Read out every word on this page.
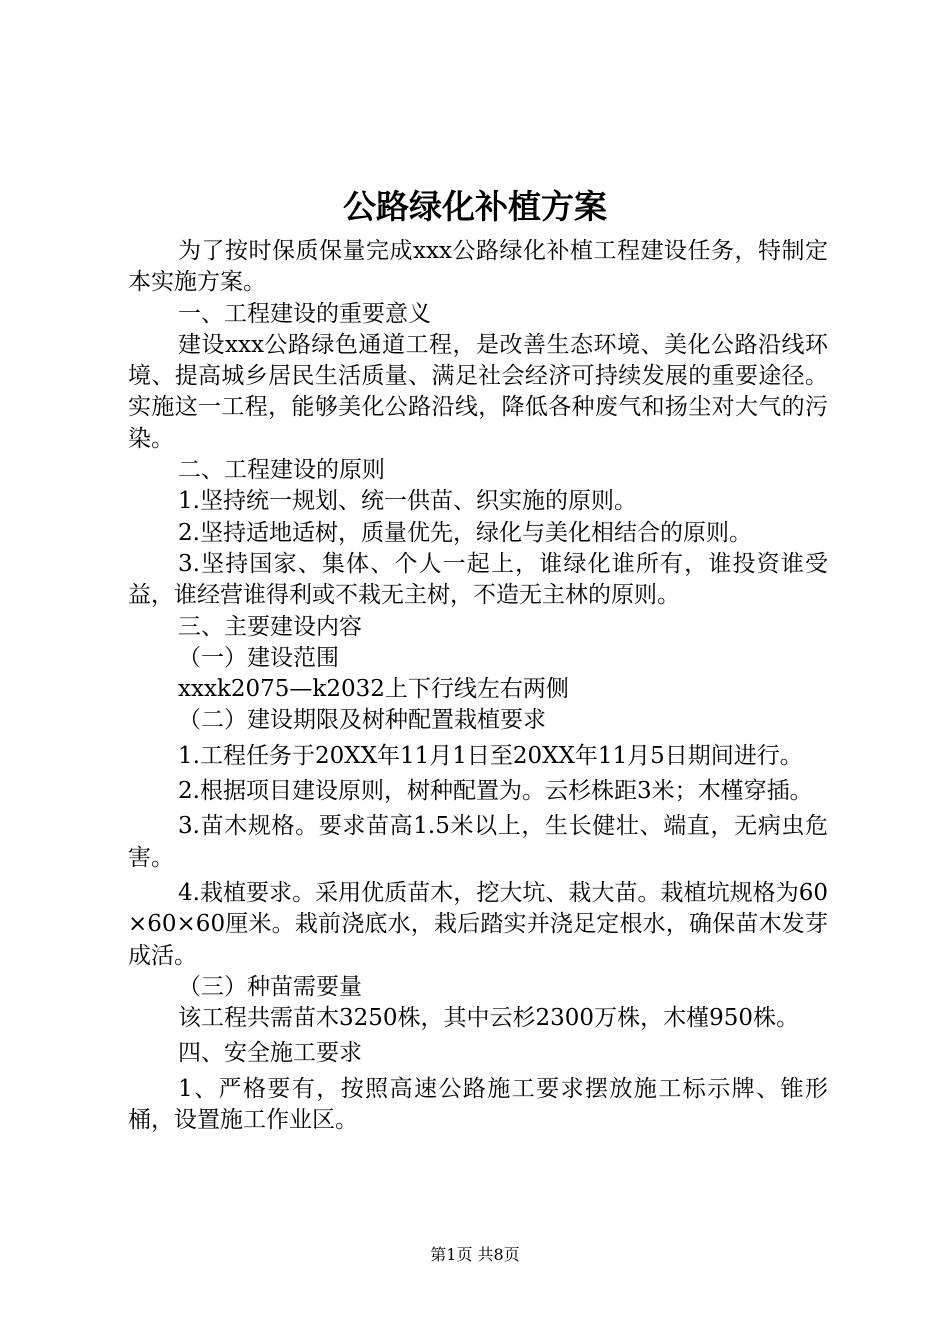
公路绿化补植方案

为了按时保质保量完成xxx公路绿化补植工程建设任务，特制定本实施方案。

一、工程建设的重要意义

建设xxx公路绿色通道工程，是改善生态环境、美化公路沿线环境、提高城乡居民生活质量、满足社会经济可持续发展的重要途径。实施这一工程，能够美化公路沿线，降低各种废气和扬尘对大气的污染。

二、工程建设的原则

1.坚持统一规划、统一供苗、织实施的原则。

2.坚持适地适树，质量优先，绿化与美化相结合的原则。

3.坚持国家、集体、个人一起上，谁绿化谁所有，谁投资谁受益，谁经营谁得利或不栽无主树，不造无主林的原则。

三、主要建设内容

（一）建设范围

xxxk2075—k2032上下行线左右两侧

（二）建设期限及树种配置栽植要求

1.工程任务于20XX年11月1日至20XX年11月5日期间进行。

2.根据项目建设原则，树种配置为。云杉株距3米；木槿穿插。

3.苗木规格。要求苗高1.5米以上，生长健壮、端直，无病虫危害。

4.栽植要求。采用优质苗木，挖大坑、栽大苗。栽植坑规格为60×60×60厘米。栽前浇底水，栽后踏实并浇足定根水，确保苗木发芽成活。

（三）种苗需要量

该工程共需苗木3250株，其中云杉2300万株，木槿950株。

四、安全施工要求

1、严格要有，按照高速公路施工要求摆放施工标示牌、锥形桶，设置施工作业区。

第1页 共8页
